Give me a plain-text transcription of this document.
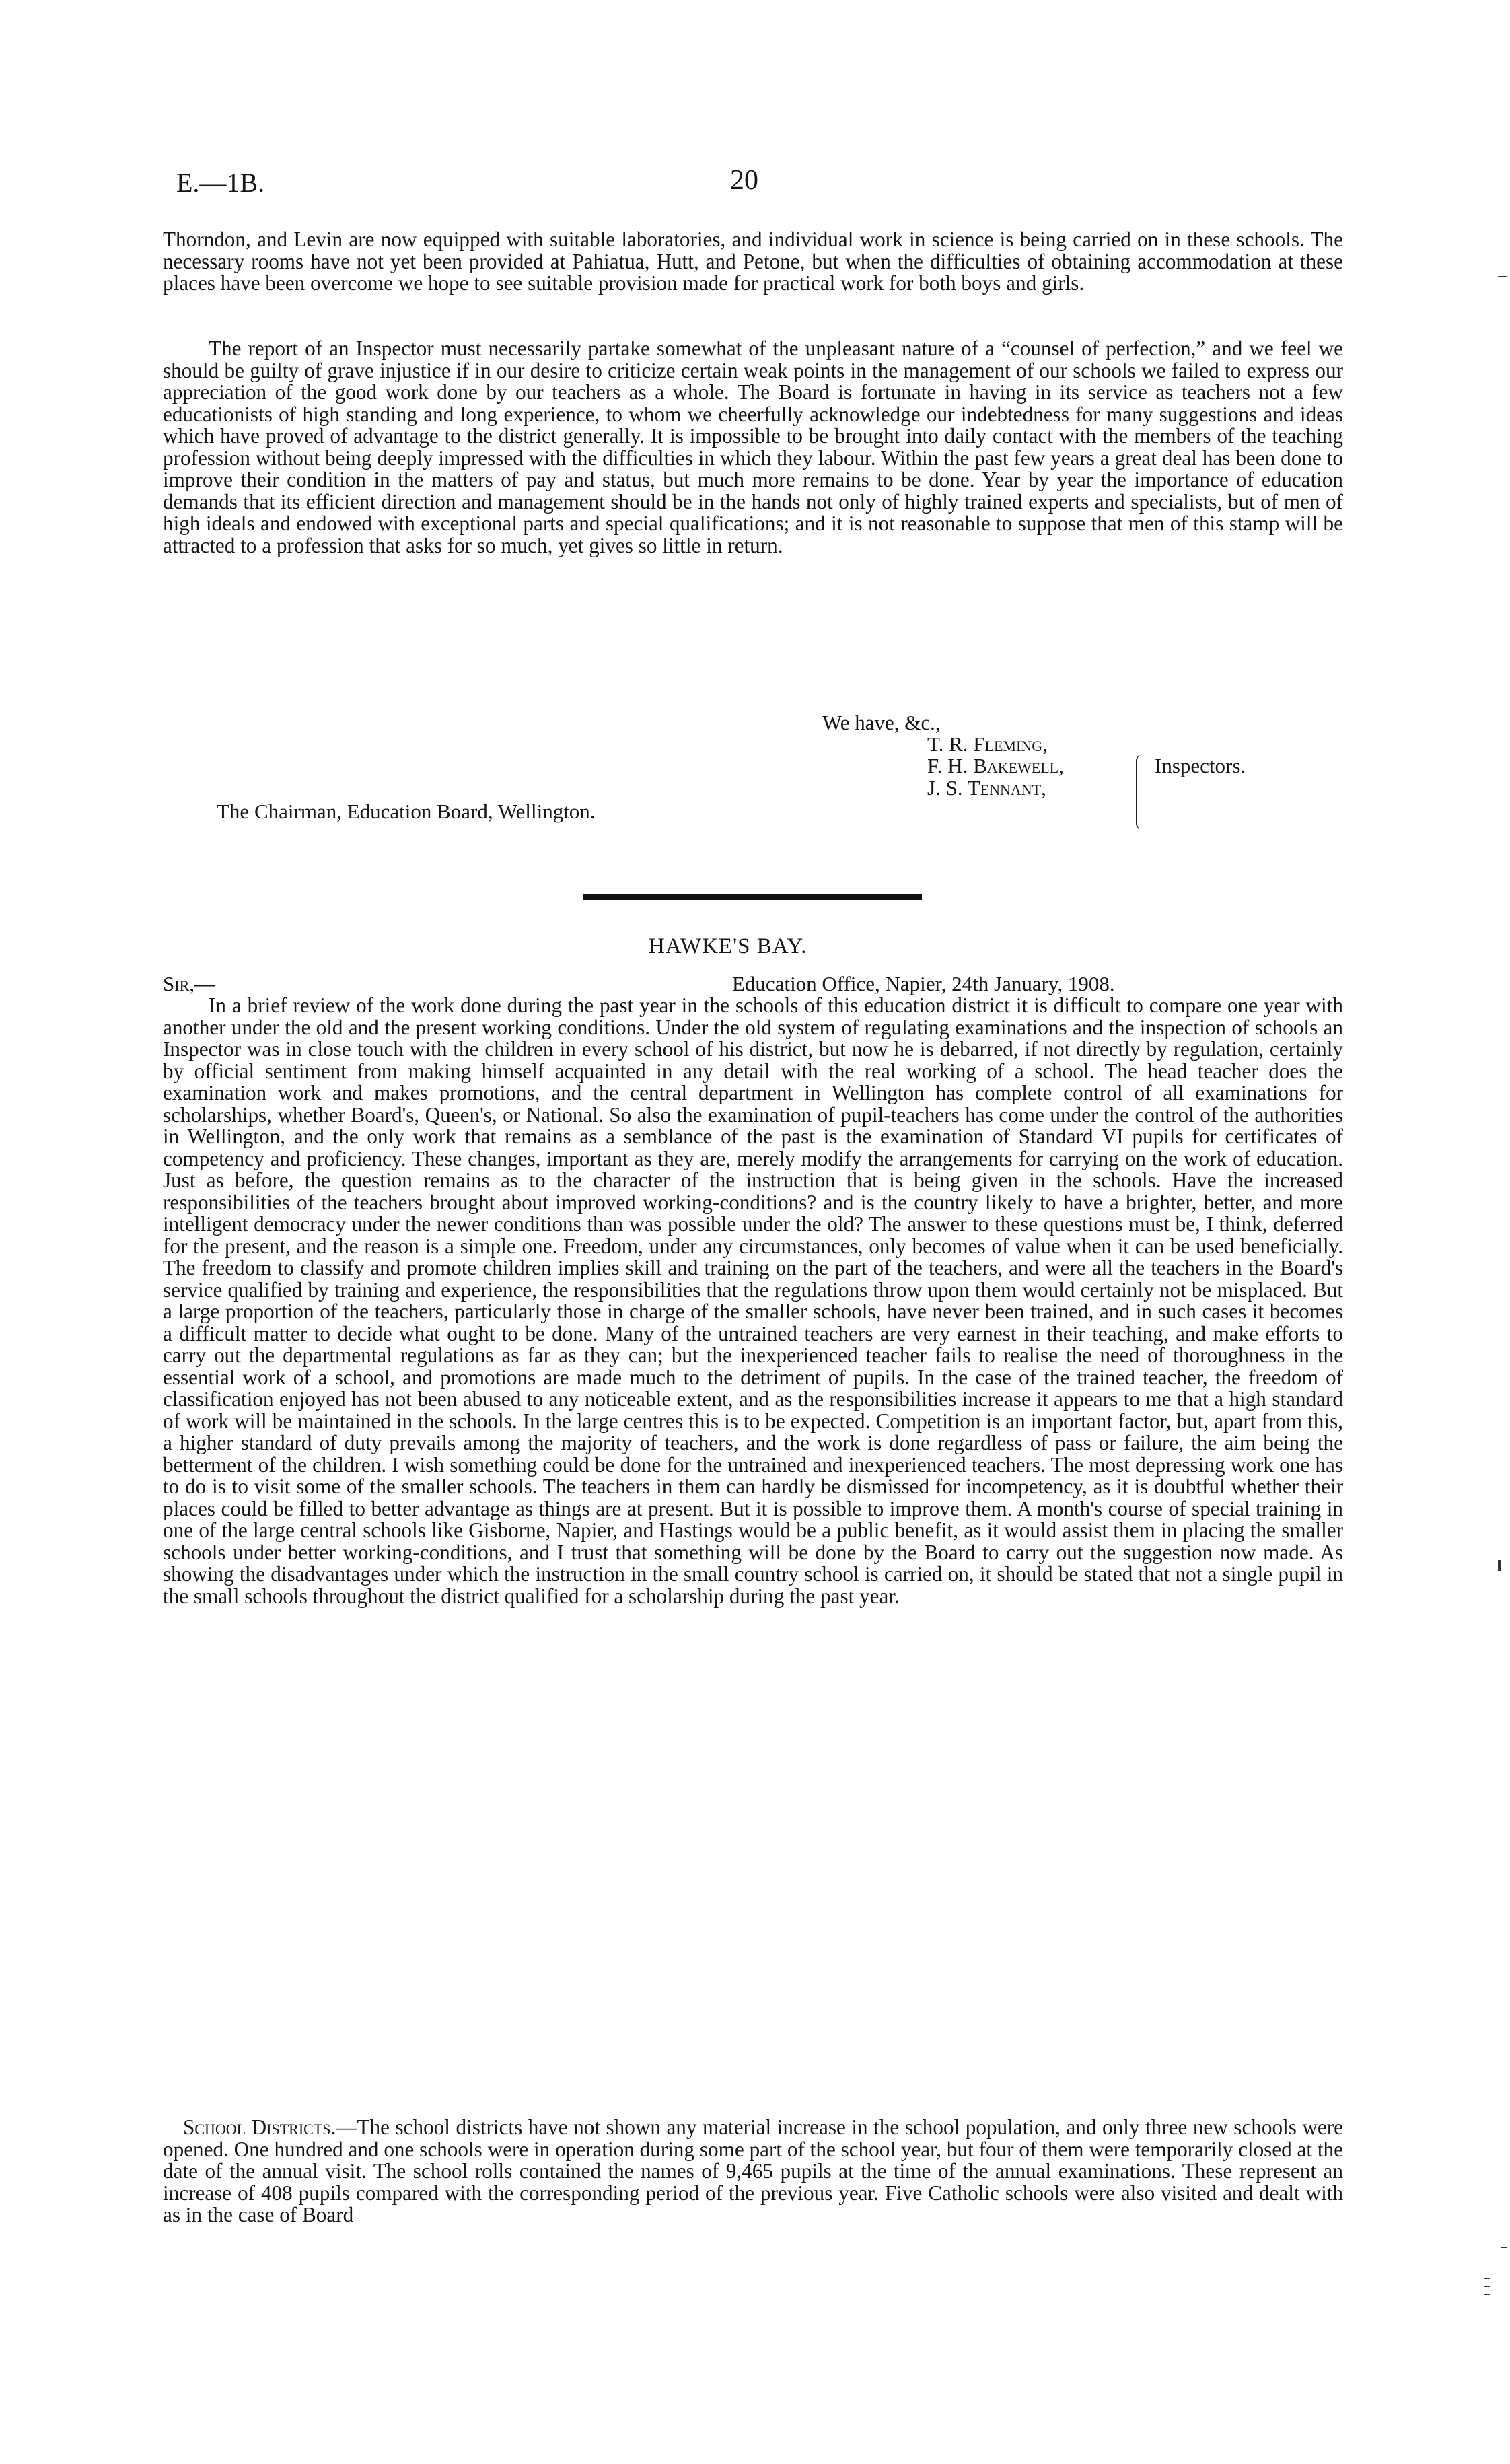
E.—1B.	20

Thorndon, and Levin are now equipped with suitable laboratories, and individual work in science is being carried on in these schools. The necessary rooms have not yet been provided at Pahiatua, Hutt, and Petone, but when the difficulties of obtaining accommodation at these places have been overcome we hope to see suitable provision made for practical work for both boys and girls.

The report of an Inspector must necessarily partake somewhat of the unpleasant nature of a “counsel of perfection,” and we feel we should be guilty of grave injustice if in our desire to criticize certain weak points in the management of our schools we failed to express our appreciation of the good work done by our teachers as a whole. The Board is fortunate in having in its service as teachers not a few educationists of high standing and long experience, to whom we cheerfully acknowledge our indebtedness for many suggestions and ideas which have proved of advantage to the district generally. It is impossible to be brought into daily contact with the members of the teaching profession without being deeply impressed with the difficulties in which they labour. Within the past few years a great deal has been done to improve their condition in the matters of pay and status, but much more remains to be done. Year by year the importance of education demands that its efficient direction and management should be in the hands not only of highly trained experts and specialists, but of men of high ideals and endowed with exceptional parts and special qualifications; and it is not reasonable to suppose that men of this stamp will be attracted to a profession that asks for so much, yet gives so little in return.

We have, &c.,
T. R. Fleming,
F. H. Bakewell,
J. S. Tennant,
Inspectors.
The Chairman, Education Board, Wellington.
HAWKE'S BAY.
Sir,—	Education Office, Napier, 24th January, 1908.

In a brief review of the work done during the past year in the schools of this education district it is difficult to compare one year with another under the old and the present working conditions. Under the old system of regulating examinations and the inspection of schools an Inspector was in close touch with the children in every school of his district, but now he is debarred, if not directly by regulation, certainly by official sentiment from making himself acquainted in any detail with the real working of a school. The head teacher does the examination work and makes promotions, and the central department in Wellington has complete control of all examinations for scholarships, whether Board's, Queen's, or National. So also the examination of pupil-teachers has come under the control of the authorities in Wellington, and the only work that remains as a semblance of the past is the examination of Standard VI pupils for certificates of competency and proficiency. These changes, important as they are, merely modify the arrangements for carrying on the work of education. Just as before, the question remains as to the character of the instruction that is being given in the schools. Have the increased responsibilities of the teachers brought about improved working-conditions? and is the country likely to have a brighter, better, and more intelligent democracy under the newer conditions than was possible under the old? The answer to these questions must be, I think, deferred for the present, and the reason is a simple one. Freedom, under any circumstances, only becomes of value when it can be used beneficially. The freedom to classify and promote children implies skill and training on the part of the teachers, and were all the teachers in the Board's service qualified by training and experience, the responsibilities that the regulations throw upon them would certainly not be misplaced. But a large proportion of the teachers, particularly those in charge of the smaller schools, have never been trained, and in such cases it becomes a difficult matter to decide what ought to be done. Many of the untrained teachers are very earnest in their teaching, and make efforts to carry out the departmental regulations as far as they can; but the inexperienced teacher fails to realise the need of thoroughness in the essential work of a school, and promotions are made much to the detriment of pupils. In the case of the trained teacher, the freedom of classification enjoyed has not been abused to any noticeable extent, and as the responsibilities increase it appears to me that a high standard of work will be maintained in the schools. In the large centres this is to be expected. Competition is an important factor, but, apart from this, a higher standard of duty prevails among the majority of teachers, and the work is done regardless of pass or failure, the aim being the betterment of the children. I wish something could be done for the untrained and inexperienced teachers. The most depressing work one has to do is to visit some of the smaller schools. The teachers in them can hardly be dismissed for incompetency, as it is doubtful whether their places could be filled to better advantage as things are at present. But it is possible to improve them. A month's course of special training in one of the large central schools like Gisborne, Napier, and Hastings would be a public benefit, as it would assist them in placing the smaller schools under better working-conditions, and I trust that something will be done by the Board to carry out the suggestion now made. As showing the disadvantages under which the instruction in the small country school is carried on, it should be stated that not a single pupil in the small schools throughout the district qualified for a scholarship during the past year.

School Districts.—The school districts have not shown any material increase in the school population, and only three new schools were opened. One hundred and one schools were in operation during some part of the school year, but four of them were temporarily closed at the date of the annual visit. The school rolls contained the names of 9,465 pupils at the time of the annual examinations. These represent an increase of 408 pupils compared with the corresponding period of the previous year. Five Catholic schools were also visited and dealt with as in the case of Board
